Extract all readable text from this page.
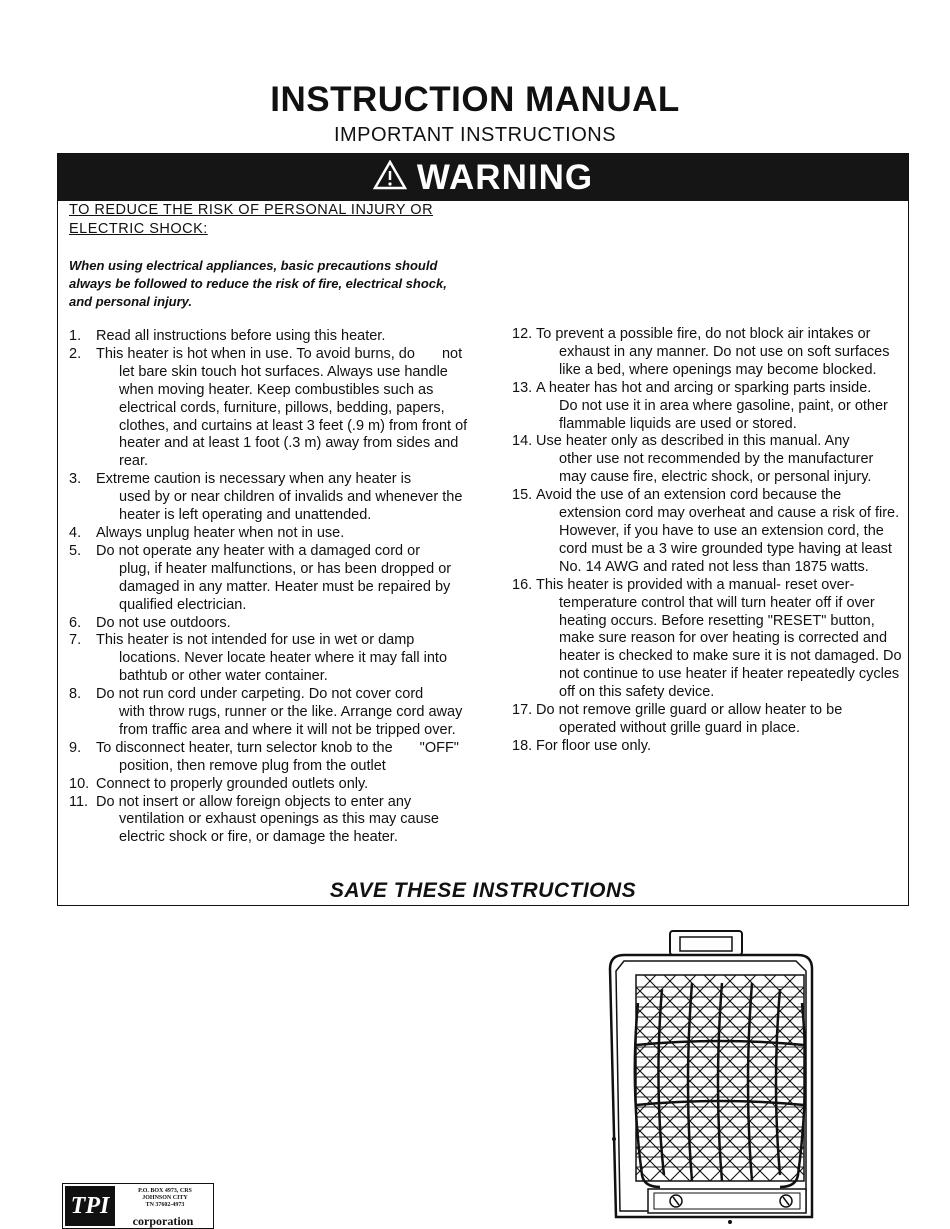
INSTRUCTION MANUAL
IMPORTANT INSTRUCTIONS
WARNING
TO REDUCE THE RISK OF PERSONAL INJURY OR ELECTRIC SHOCK:
When using electrical appliances, basic precautions should always be followed to reduce the risk of fire, electrical shock, and personal injury.
1.	Read all instructions before using this heater.
2.	This heater is hot when in use. To avoid burns, do not let bare skin touch hot surfaces. Always use handle when moving heater. Keep combustibles such as electrical cords, furniture, pillows, bedding, papers, clothes, and curtains at least 3 feet (.9 m) from front of heater and at least 1 foot (.3 m) away from sides and rear.
3.	Extreme caution is necessary when any heater is used by or near children of invalids and whenever the heater is left operating and unattended.
4.	Always unplug heater when not in use.
5.	Do not operate any heater with a damaged cord or plug, if heater malfunctions, or has been dropped or damaged in any matter. Heater must be repaired by qualified electrician.
6.	Do not use outdoors.
7.	This heater is not intended for use in wet or damp locations. Never locate heater where it may fall into bathtub or other water container.
8.	Do not run cord under carpeting. Do not cover cord with throw rugs, runner or the like. Arrange cord away from traffic area and where it will not be tripped over.
9.	To disconnect heater, turn selector knob to the "OFF" position, then remove plug from the outlet
10. Connect to properly grounded outlets only.
11. Do not insert or allow foreign objects to enter any ventilation or exhaust openings as this may cause electric shock or fire, or damage the heater.
12. To prevent a possible fire, do not block air intakes or exhaust in any manner. Do not use on soft surfaces like a bed, where openings may become blocked.
13. A heater has hot and arcing or sparking parts inside. Do not use it in area where gasoline, paint, or other flammable liquids are used or stored.
14. Use heater only as described in this manual. Any other use not recommended by the manufacturer may cause fire, electric shock, or personal injury.
15. Avoid the use of an extension cord because the extension cord may overheat and cause a risk of fire. However, if you have to use an extension cord, the cord must be a 3 wire grounded type having at least No. 14 AWG and rated not less than 1875 watts.
16. This heater is provided with a manual- reset over- temperature control that will turn heater off if over heating occurs. Before resetting "RESET" button, make sure reason for over heating is corrected and heater is checked to make sure it is not damaged. Do not continue to use heater if heater repeatedly cycles off on this safety device.
17. Do not remove grille guard or allow heater to be operated without grille guard in place.
18. For floor use only.
SAVE THESE INSTRUCTIONS
TPI
P.O. BOX 4973, CRS
JOHNSON CITY
TN 37602-4973
corporation
